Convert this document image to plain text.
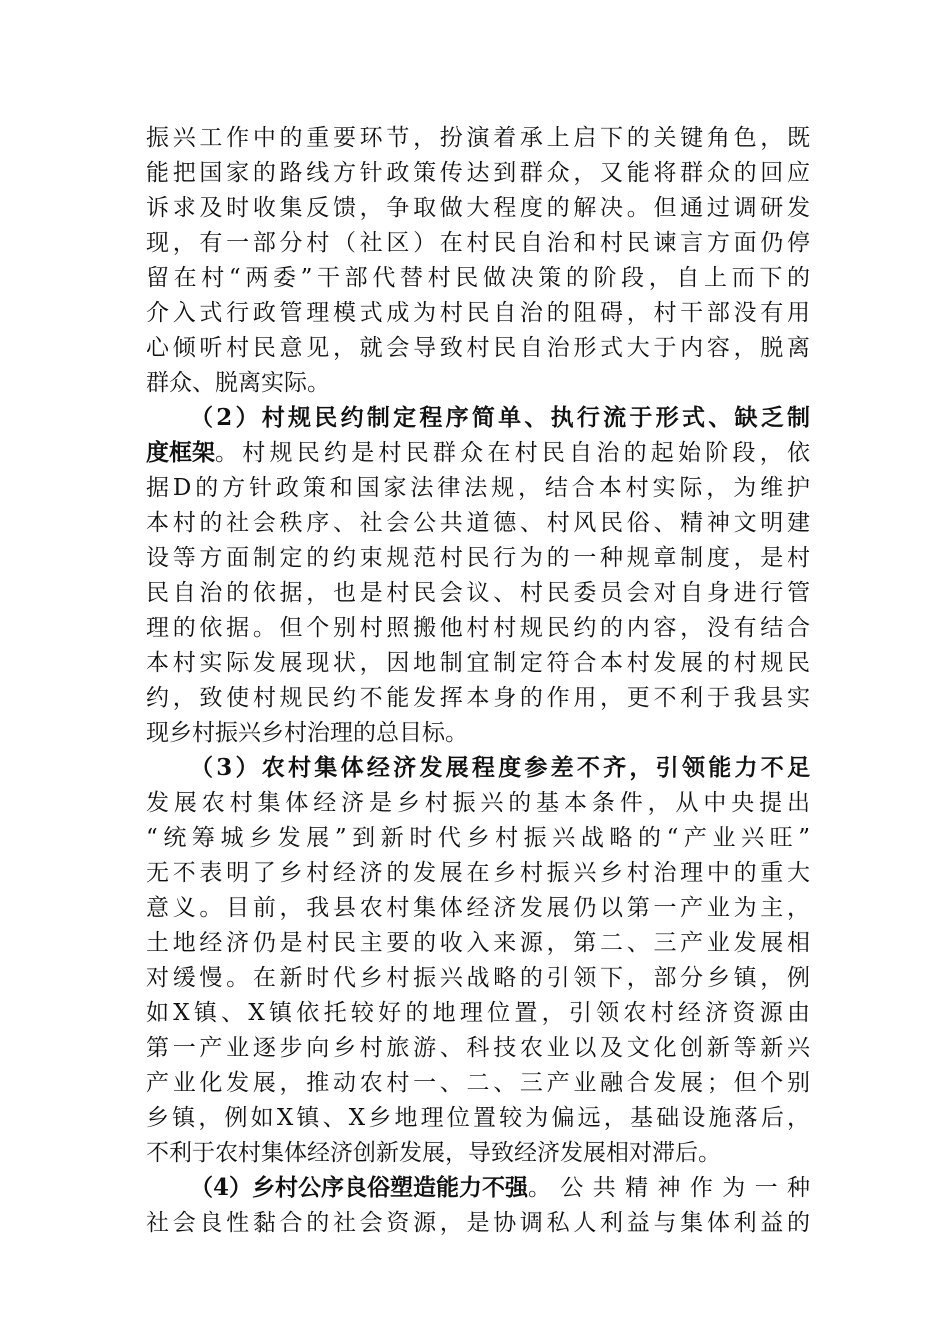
振兴工作中的重要环节，扮演着承上启下的关键角色，既
能把国家的路线方针政策传达到群众，又能将群众的回应
诉求及时收集反馈，争取做大程度的解决。但通过调研发
现，有一部分村（社区）在村民自治和村民谏言方面仍停
留在村“两委”干部代替村民做决策的阶段，自上而下的
介入式行政管理模式成为村民自治的阻碍，村干部没有用
心倾听村民意见，就会导致村民自治形式大于内容，脱离
群众、脱离实际。
（2）村规民约制定程序简单、执行流于形式、缺乏制
度框架 。村规民约是村民群众在村民自治的起始阶段，依
据D的方针政策和国家法律法规，结合本村实际，为维护
本村的社会秩序、社会公共道德、村风民俗、精神文明建
设等方面制定的约束规范村民行为的一种规章制度，是村
民自治的依据，也是村民会议、村民委员会对自身进行管
理的依据。但个别村照搬他村村规民约的内容，没有结合
本村实际发展现状，因地制宜制定符合本村发展的村规民
约，致使村规民约不能发挥本身的作用，更不利于我县实
现乡村振兴乡村治理的总目标。
（3）农村集体经济发展程度参差不齐，引领能力不足
发展农村集体经济是乡村振兴的基本条件，从中央提出
“统筹城乡发展”到新时代乡村振兴战略的“产业兴旺”
无不表明了乡村经济的发展在乡村振兴乡村治理中的重大
意义。目前，我县农村集体经济发展仍以第一产业为主，
土地经济仍是村民主要的收入来源，第二、三产业发展相
对缓慢。在新时代乡村振兴战略的引领下，部分乡镇，例
如X镇、X镇依托较好的地理位置，引领农村经济资源由
第一产业逐步向乡村旅游、科技农业以及文化创新等新兴
产业化发展，推动农村一、二、三产业融合发展；但个别
乡镇，例如X镇、X乡地理位置较为偏远，基础设施落后，
不利于农村集体经济创新发展，导致经济发展相对滞后。
（4）乡村公序良俗塑造能力不强 。公共精神作为一种
社会良性黏合的社会资源，是协调私人利益与集体利益的
